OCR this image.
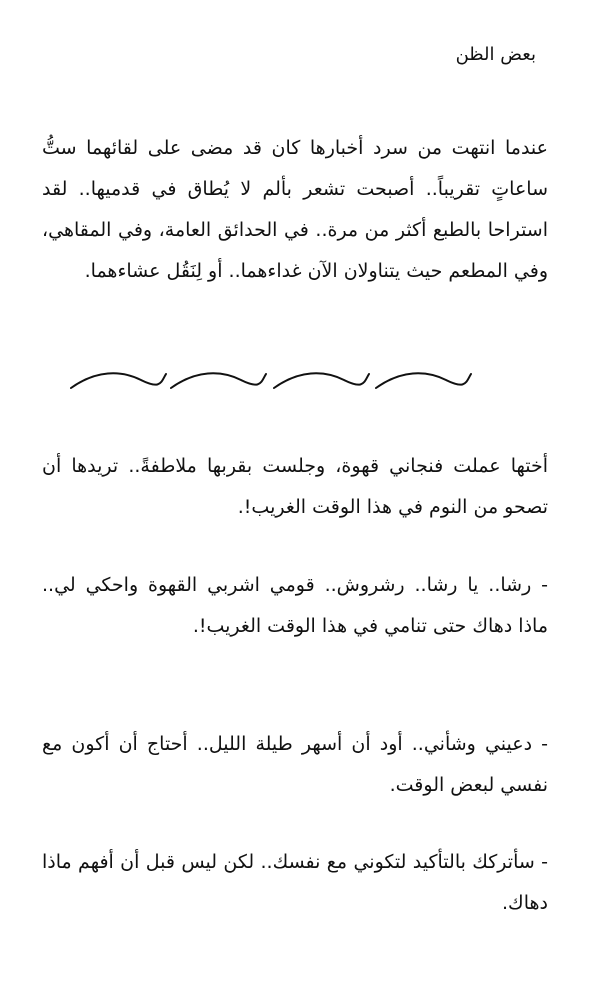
بعض الظن

عندما انتهت من سرد أخبارها كان قد مضى على لقائهما ستُّ ساعاتٍ تقريباً.. أصبحت تشعر بألم لا يُطاق في قدميها.. لقد استراحا بالطبع أكثر من مرة.. في الحدائق العامة، وفي المقاهي، وفي المطعم حيث يتناولان الآن غداءهما.. أو لِنَقُل عشاءهما.

أختها عملت فنجاني قهوة، وجلست بقربها ملاطفةً.. تريدها أن تصحو من النوم في هذا الوقت الغريب!.

- رشا.. يا رشا.. رشروش.. قومي اشربي القهوة واحكي لي.. ماذا دهاك حتى تنامي في هذا الوقت الغريب!.

- دعيني وشأني.. أود أن أسهر طيلة الليل.. أحتاج أن أكون مع نفسي لبعض الوقت.

- سأتركك بالتأكيد لتكوني مع نفسك.. لكن ليس قبل أن أفهم ماذا دهاك.
